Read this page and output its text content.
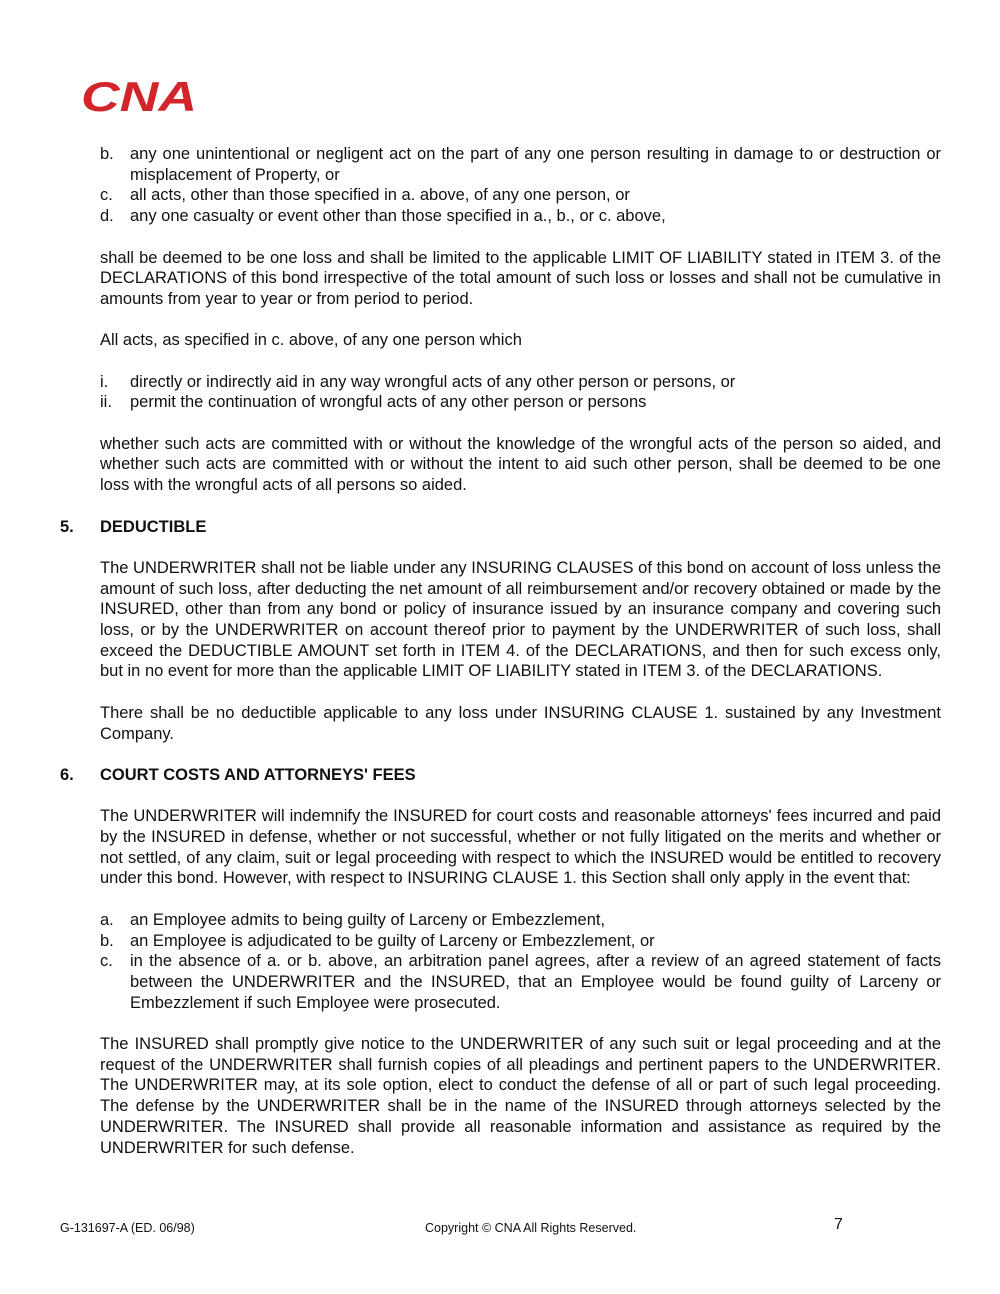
CNA
b. any one unintentional or negligent act on the part of any one person resulting in damage to or destruction or misplacement of Property, or
c.	all acts, other than those specified in a. above, of any one person, or
d. any one casualty or event other than those specified in a., b., or c. above,
shall be deemed to be one loss and shall be limited to the applicable LIMIT OF LIABILITY stated in ITEM 3. of the DECLARATIONS of this bond irrespective of the total amount of such loss or losses and shall not be cumulative in amounts from year to year or from period to period.
All acts, as specified in c. above, of any one person which
i.	directly or indirectly aid in any way wrongful acts of any other person or persons, or
ii.	permit the continuation of wrongful acts of any other person or persons
whether such acts are committed with or without the knowledge of the wrongful acts of the person so aided, and whether such acts are committed with or without the intent to aid such other person, shall be deemed to be one loss with the wrongful acts of all persons so aided.
5.	DEDUCTIBLE
The UNDERWRITER shall not be liable under any INSURING CLAUSES of this bond on account of loss unless the amount of such loss, after deducting the net amount of all reimbursement and/or recovery obtained or made by the INSURED, other than from any bond or policy of insurance issued by an insurance company and covering such loss, or by the UNDERWRITER on account thereof prior to payment by the UNDERWRITER of such loss, shall exceed the DEDUCTIBLE AMOUNT set forth in ITEM 4. of the DECLARATIONS, and then for such excess only, but in no event for more than the applicable LIMIT OF LIABILITY stated in ITEM 3. of the DECLARATIONS.
There shall be no deductible applicable to any loss under INSURING CLAUSE 1. sustained by any Investment Company.
6.	COURT COSTS AND ATTORNEYS' FEES
The UNDERWRITER will indemnify the INSURED for court costs and reasonable attorneys' fees incurred and paid by the INSURED in defense, whether or not successful, whether or not fully litigated on the merits and whether or not settled, of any claim, suit or legal proceeding with respect to which the INSURED would be entitled to recovery under this bond. However, with respect to INSURING CLAUSE 1. this Section shall only apply in the event that:
a. an Employee admits to being guilty of Larceny or Embezzlement,
b. an Employee is adjudicated to be guilty of Larceny or Embezzlement, or
c.	in the absence of a. or b. above, an arbitration panel agrees, after a review of an agreed statement of facts between the UNDERWRITER and the INSURED, that an Employee would be found guilty of Larceny or Embezzlement if such Employee were prosecuted.
The INSURED shall promptly give notice to the UNDERWRITER of any such suit or legal proceeding and at the request of the UNDERWRITER shall furnish copies of all pleadings and pertinent papers to the UNDERWRITER. The UNDERWRITER may, at its sole option, elect to conduct the defense of all or part of such legal proceeding. The defense by the UNDERWRITER shall be in the name of the INSURED through attorneys selected by the UNDERWRITER. The INSURED shall provide all reasonable information and assistance as required by the UNDERWRITER for such defense.
G-131697-A (ED. 06/98)	Copyright © CNA All Rights Reserved.	7
